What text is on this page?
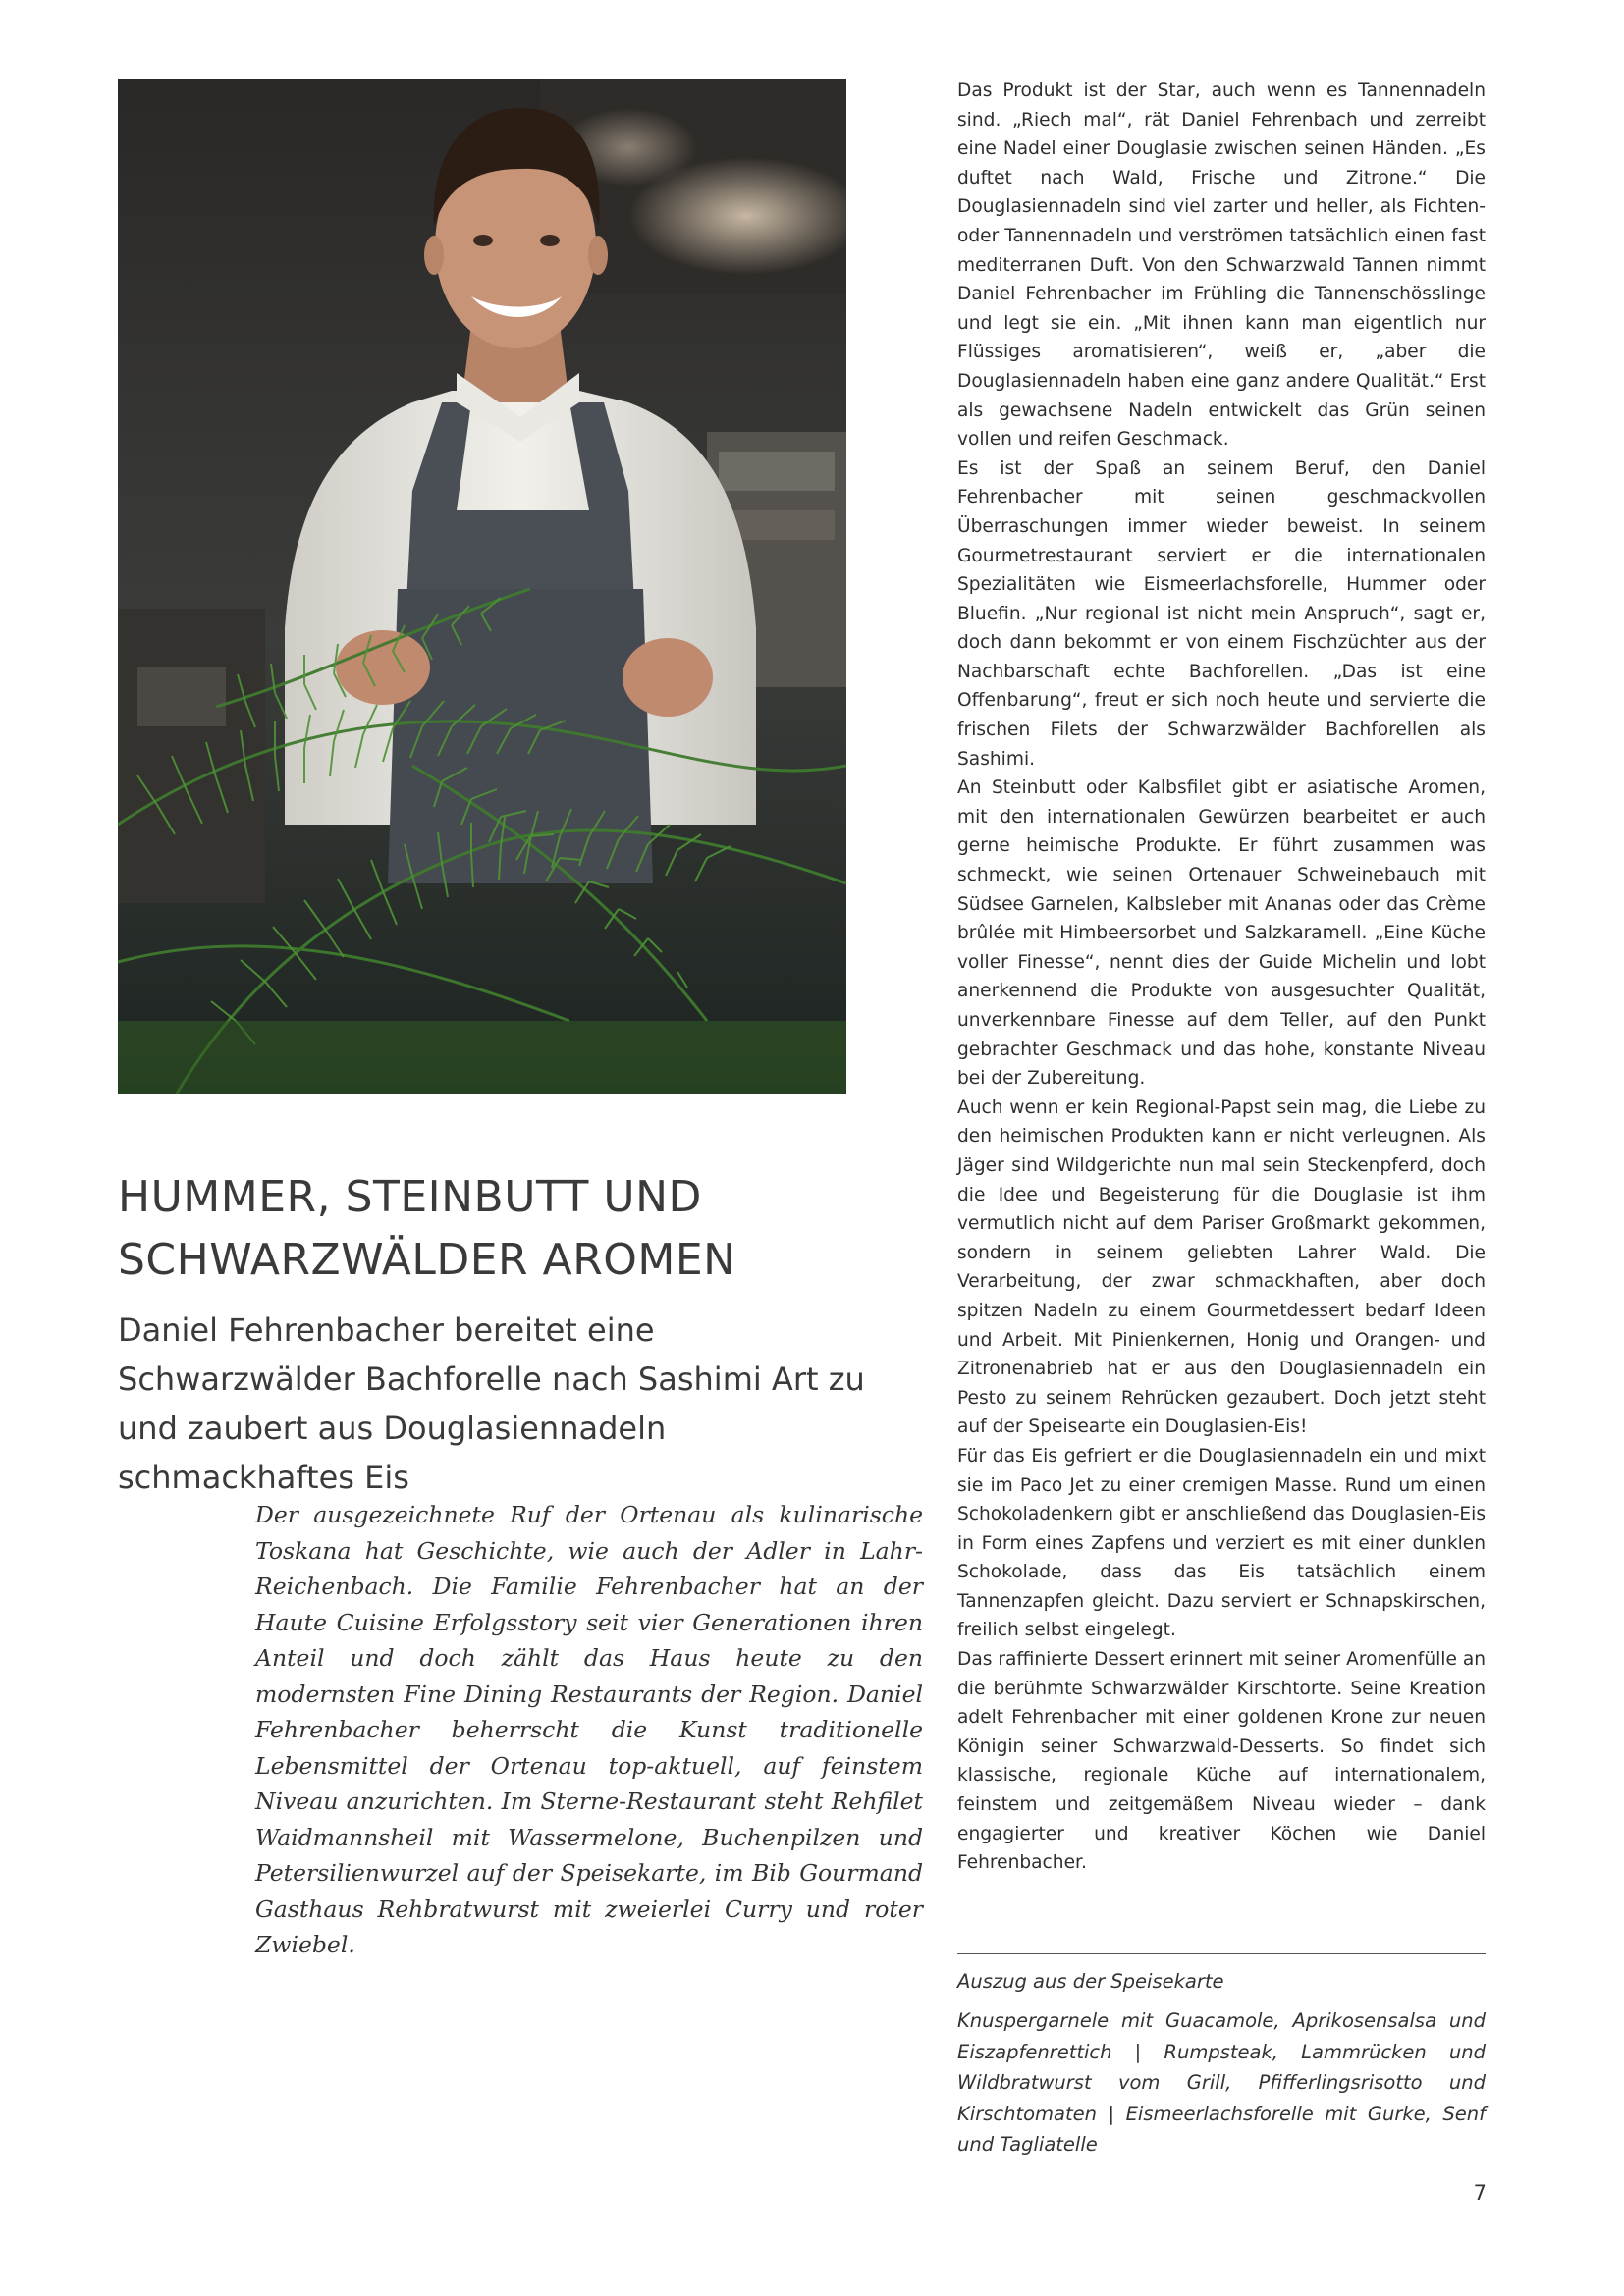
HUMMER, STEINBUTT UND
SCHWARZWÄLDER AROMEN

Daniel Fehrenbacher bereitet eine Schwarzwälder Bachforelle nach Sashimi Art zu und zaubert aus Douglasiennadeln schmackhaftes Eis

Der ausgezeichnete Ruf der Ortenau als kulinarische Toskana hat Geschichte, wie auch der Adler in Lahr-Reichenbach. Die Familie Fehrenbacher hat an der Haute Cuisine Erfolgsstory seit vier Generationen ihren Anteil und doch zählt das Haus heute zu den modernsten Fine Dining Restaurants der Region. Daniel Fehrenbacher beherrscht die Kunst traditionelle Lebensmittel der Ortenau top-aktuell, auf feinstem Niveau anzurichten. Im Sterne-Restaurant steht Rehfilet Waidmannsheil mit Wassermelone, Buchenpilzen und Petersilienwurzel auf der Speisekarte, im Bib Gourmand Gasthaus Rehbratwurst mit zweierlei Curry und roter Zwiebel.

Das Produkt ist der Star, auch wenn es Tannennadeln sind. „Riech mal“, rät Daniel Fehrenbach und zerreibt eine Nadel einer Douglasie zwischen seinen Händen. „Es duftet nach Wald, Frische und Zitrone.“ Die Douglasiennadeln sind viel zarter und heller, als Fichten- oder Tannennadeln und verströmen tatsächlich einen fast mediterranen Duft. Von den Schwarzwald Tannen nimmt Daniel Fehrenbacher im Frühling die Tannenschösslinge und legt sie ein. „Mit ihnen kann man eigentlich nur Flüssiges aromatisieren“, weiß er, „aber die Douglasiennadeln haben eine ganz andere Qualität.“ Erst als gewachsene Nadeln entwickelt das Grün seinen vollen und reifen Geschmack.

Es ist der Spaß an seinem Beruf, den Daniel Fehrenbacher mit seinen geschmackvollen Überraschungen immer wieder beweist. In seinem Gourmetrestaurant serviert er die internationalen Spezialitäten wie Eismeerlachsforelle, Hummer oder Bluefin. „Nur regional ist nicht mein Anspruch“, sagt er, doch dann bekommt er von einem Fischzüchter aus der Nachbarschaft echte Bachforellen. „Das ist eine Offenbarung“, freut er sich noch heute und servierte die frischen Filets der Schwarzwälder Bachforellen als Sashimi.

An Steinbutt oder Kalbsfilet gibt er asiatische Aromen, mit den internationalen Gewürzen bearbeitet er auch gerne heimische Produkte. Er führt zusammen was schmeckt, wie seinen Ortenauer Schweinebauch mit Südsee Garnelen, Kalbsleber mit Ananas oder das Crème brûlée mit Himbeersorbet und Salzkaramell. „Eine Küche voller Finesse“, nennt dies der Guide Michelin und lobt anerkennend die Produkte von ausgesuchter Qualität, unverkennbare Finesse auf dem Teller, auf den Punkt gebrachter Geschmack und das hohe, konstante Niveau bei der Zubereitung.

Auch wenn er kein Regional-Papst sein mag, die Liebe zu den heimischen Produkten kann er nicht verleugnen. Als Jäger sind Wildgerichte nun mal sein Steckenpferd, doch die Idee und Begeisterung für die Douglasie ist ihm vermutlich nicht auf dem Pariser Großmarkt gekommen, sondern in seinem geliebten Lahrer Wald. Die Verarbeitung, der zwar schmackhaften, aber doch spitzen Nadeln zu einem Gourmetdessert bedarf Ideen und Arbeit. Mit Pinienkernen, Honig und Orangen- und Zitronenabrieb hat er aus den Douglasiennadeln ein Pesto zu seinem Rehrücken gezaubert. Doch jetzt steht auf der Speisearte ein Douglasien-Eis!

Für das Eis gefriert er die Douglasiennadeln ein und mixt sie im Paco Jet zu einer cremigen Masse. Rund um einen Schokoladenkern gibt er anschließend das Douglasien-Eis in Form eines Zapfens und verziert es mit einer dunklen Schokolade, dass das Eis tatsächlich einem Tannenzapfen gleicht. Dazu serviert er Schnapskirschen, freilich selbst eingelegt.

Das raffinierte Dessert erinnert mit seiner Aromenfülle an die berühmte Schwarzwälder Kirschtorte. Seine Kreation adelt Fehrenbacher mit einer goldenen Krone zur neuen Königin seiner Schwarzwald-Desserts. So findet sich klassische, regionale Küche auf internationalem, feinstem und zeitgemäßem Niveau wieder – dank engagierter und kreativer Köchen wie Daniel Fehrenbacher.

Auszug aus der Speisekarte

Knuspergarnele mit Guacamole, Aprikosensalsa und Eiszapfenrettich | Rumpsteak, Lammrücken und Wildbratwurst vom Grill, Pfifferlingsrisotto und Kirschtomaten | Eismeerlachsforelle mit Gurke, Senf und Tagliatelle

7
